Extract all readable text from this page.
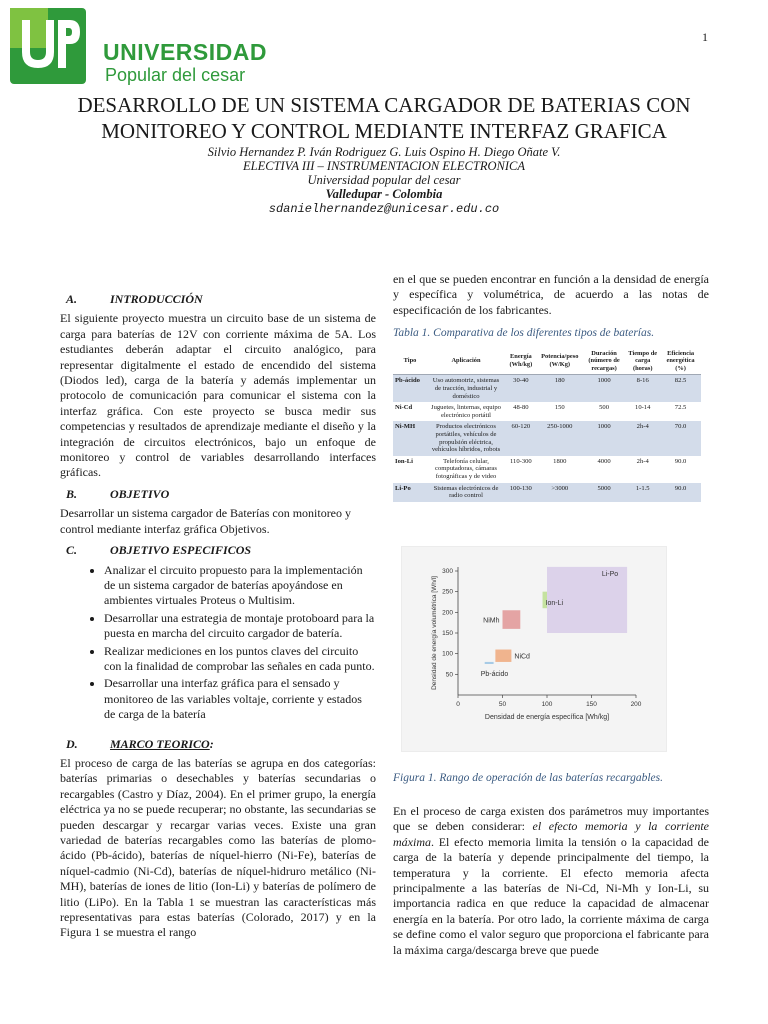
1
UNIVERSIDAD
Popular del cesar
DESARROLLO DE UN SISTEMA CARGADOR DE BATERIAS CON MONITOREO Y CONTROL MEDIANTE INTERFAZ GRAFICA
Silvio Hernandez P. Iván Rodriguez G. Luis Ospino H. Diego Oñate V.
ELECTIVA III – INSTRUMENTACION ELECTRONICA
Universidad popular del cesar
Valledupar - Colombia
sdanielhernandez@unicesar.edu.co
A.	INTRODUCCIÓN

El siguiente proyecto muestra un circuito base de un sistema de carga para baterías de 12V con corriente máxima de 5A. Los estudiantes deberán adaptar el circuito analógico, para representar digitalmente el estado de encendido del sistema (Diodos led), carga de la batería y además implementar un protocolo de comunicación para comunicar el sistema con la interfaz gráfica. Con este proyecto se busca medir sus competencias y resultados de aprendizaje mediante el diseño y la integración de circuitos electrónicos, bajo un enfoque de monitoreo y control de variables desarrollando interfaces gráficas.

B.	OBJETIVO

Desarrollar un sistema cargador de Baterías con monitoreo y control mediante interfaz gráfica Objetivos.

C.	OBJETIVO ESPECIFICOS
• Analizar el circuito propuesto para la implementación de un sistema cargador de baterías apoyándose en ambientes virtuales Proteus o Multisim.
• Desarrollar una estrategia de montaje protoboard para la puesta en marcha del circuito cargador de batería.
• Realizar mediciones en los puntos claves del circuito con la finalidad de comprobar las señales en cada punto.
• Desarrollar una interfaz gráfica para el sensado y monitoreo de las variables voltaje, corriente y estados de carga de la batería
D.	MARCO TEORICO :

El proceso de carga de las baterías se agrupa en dos categorías: baterías primarias o desechables y baterías secundarias o recargables (Castro y Díaz, 2004). En el primer grupo, la energía eléctrica ya no se puede recuperar; no obstante, las secundarias se pueden descargar y recargar varias veces. Existe una gran variedad de baterías recargables como las baterías de plomo-ácido (Pb-ácido), baterías de níquel-hierro (Ni-Fe), baterías de níquel-cadmio (Ni-Cd), baterías de níquel-hidruro metálico (Ni-MH), baterías de iones de litio (Ion-Li) y baterías de polímero de litio (LiPo). En la Tabla 1 se muestran las características más representativas para estas baterías (Colorado, 2017) y en la Figura 1 se muestra el rango

en el que se pueden encontrar en función a la densidad de energía y específica y volumétrica, de acuerdo a las notas de especificación de los fabricantes.

Tabla 1. Comparativa de los diferentes tipos de baterías.
Tipo	Aplicación	Energía (Wh/kg)	Potencia/peso (W/Kg)	Duración (número de recargas)	Tiempo de carga (horas)	Eficiencia energética (%)
Pb-ácido	Uso automotriz, sistemas de tracción, industrial y doméstico	30-40	180	1000	8-16	82.5
Ni-Cd	Juguetes, linternas, equipo electrónico portátil	48-80	150	500	10-14	72.5
Ni-MH	Productos electrónicos portátiles, vehículos de propulsión eléctrica, vehículos híbridos, robots	60-120	250-1000	1000	2h-4	70.0
Ion-Li	Telefonía celular, computadoras, cámaras fotográficas y de video	110-300	1800	4000	2h-4	90.0
Li-Po	Sistemas electrónicos de radio control	100-130	>3000	5000	1-1.5	90.0
Pb-ácido
NiCd
NiMh
Ion-Li
Li-Po
0	50	100	150	200
50
100
150
200
250
300
Densidad de energía específica [Wh/kg]
Densidad de energía volumétrica [Wh/l]
Figura 1. Rango de operación de las baterías recargables.
En el proceso de carga existen dos parámetros muy importantes que se deben considerar: el efecto memoria y la corriente máxima. El efecto memoria limita la tensión o la capacidad de carga de la batería y depende principalmente del tiempo, la temperatura y la corriente. El efecto memoria afecta principalmente a las baterías de Ni-Cd, Ni-Mh y Ion-Li, su importancia radica en que reduce la capacidad de almacenar energía en la batería. Por otro lado, la corriente máxima de carga se define como el valor seguro que proporciona el fabricante para la máxima carga/descarga breve que puede
